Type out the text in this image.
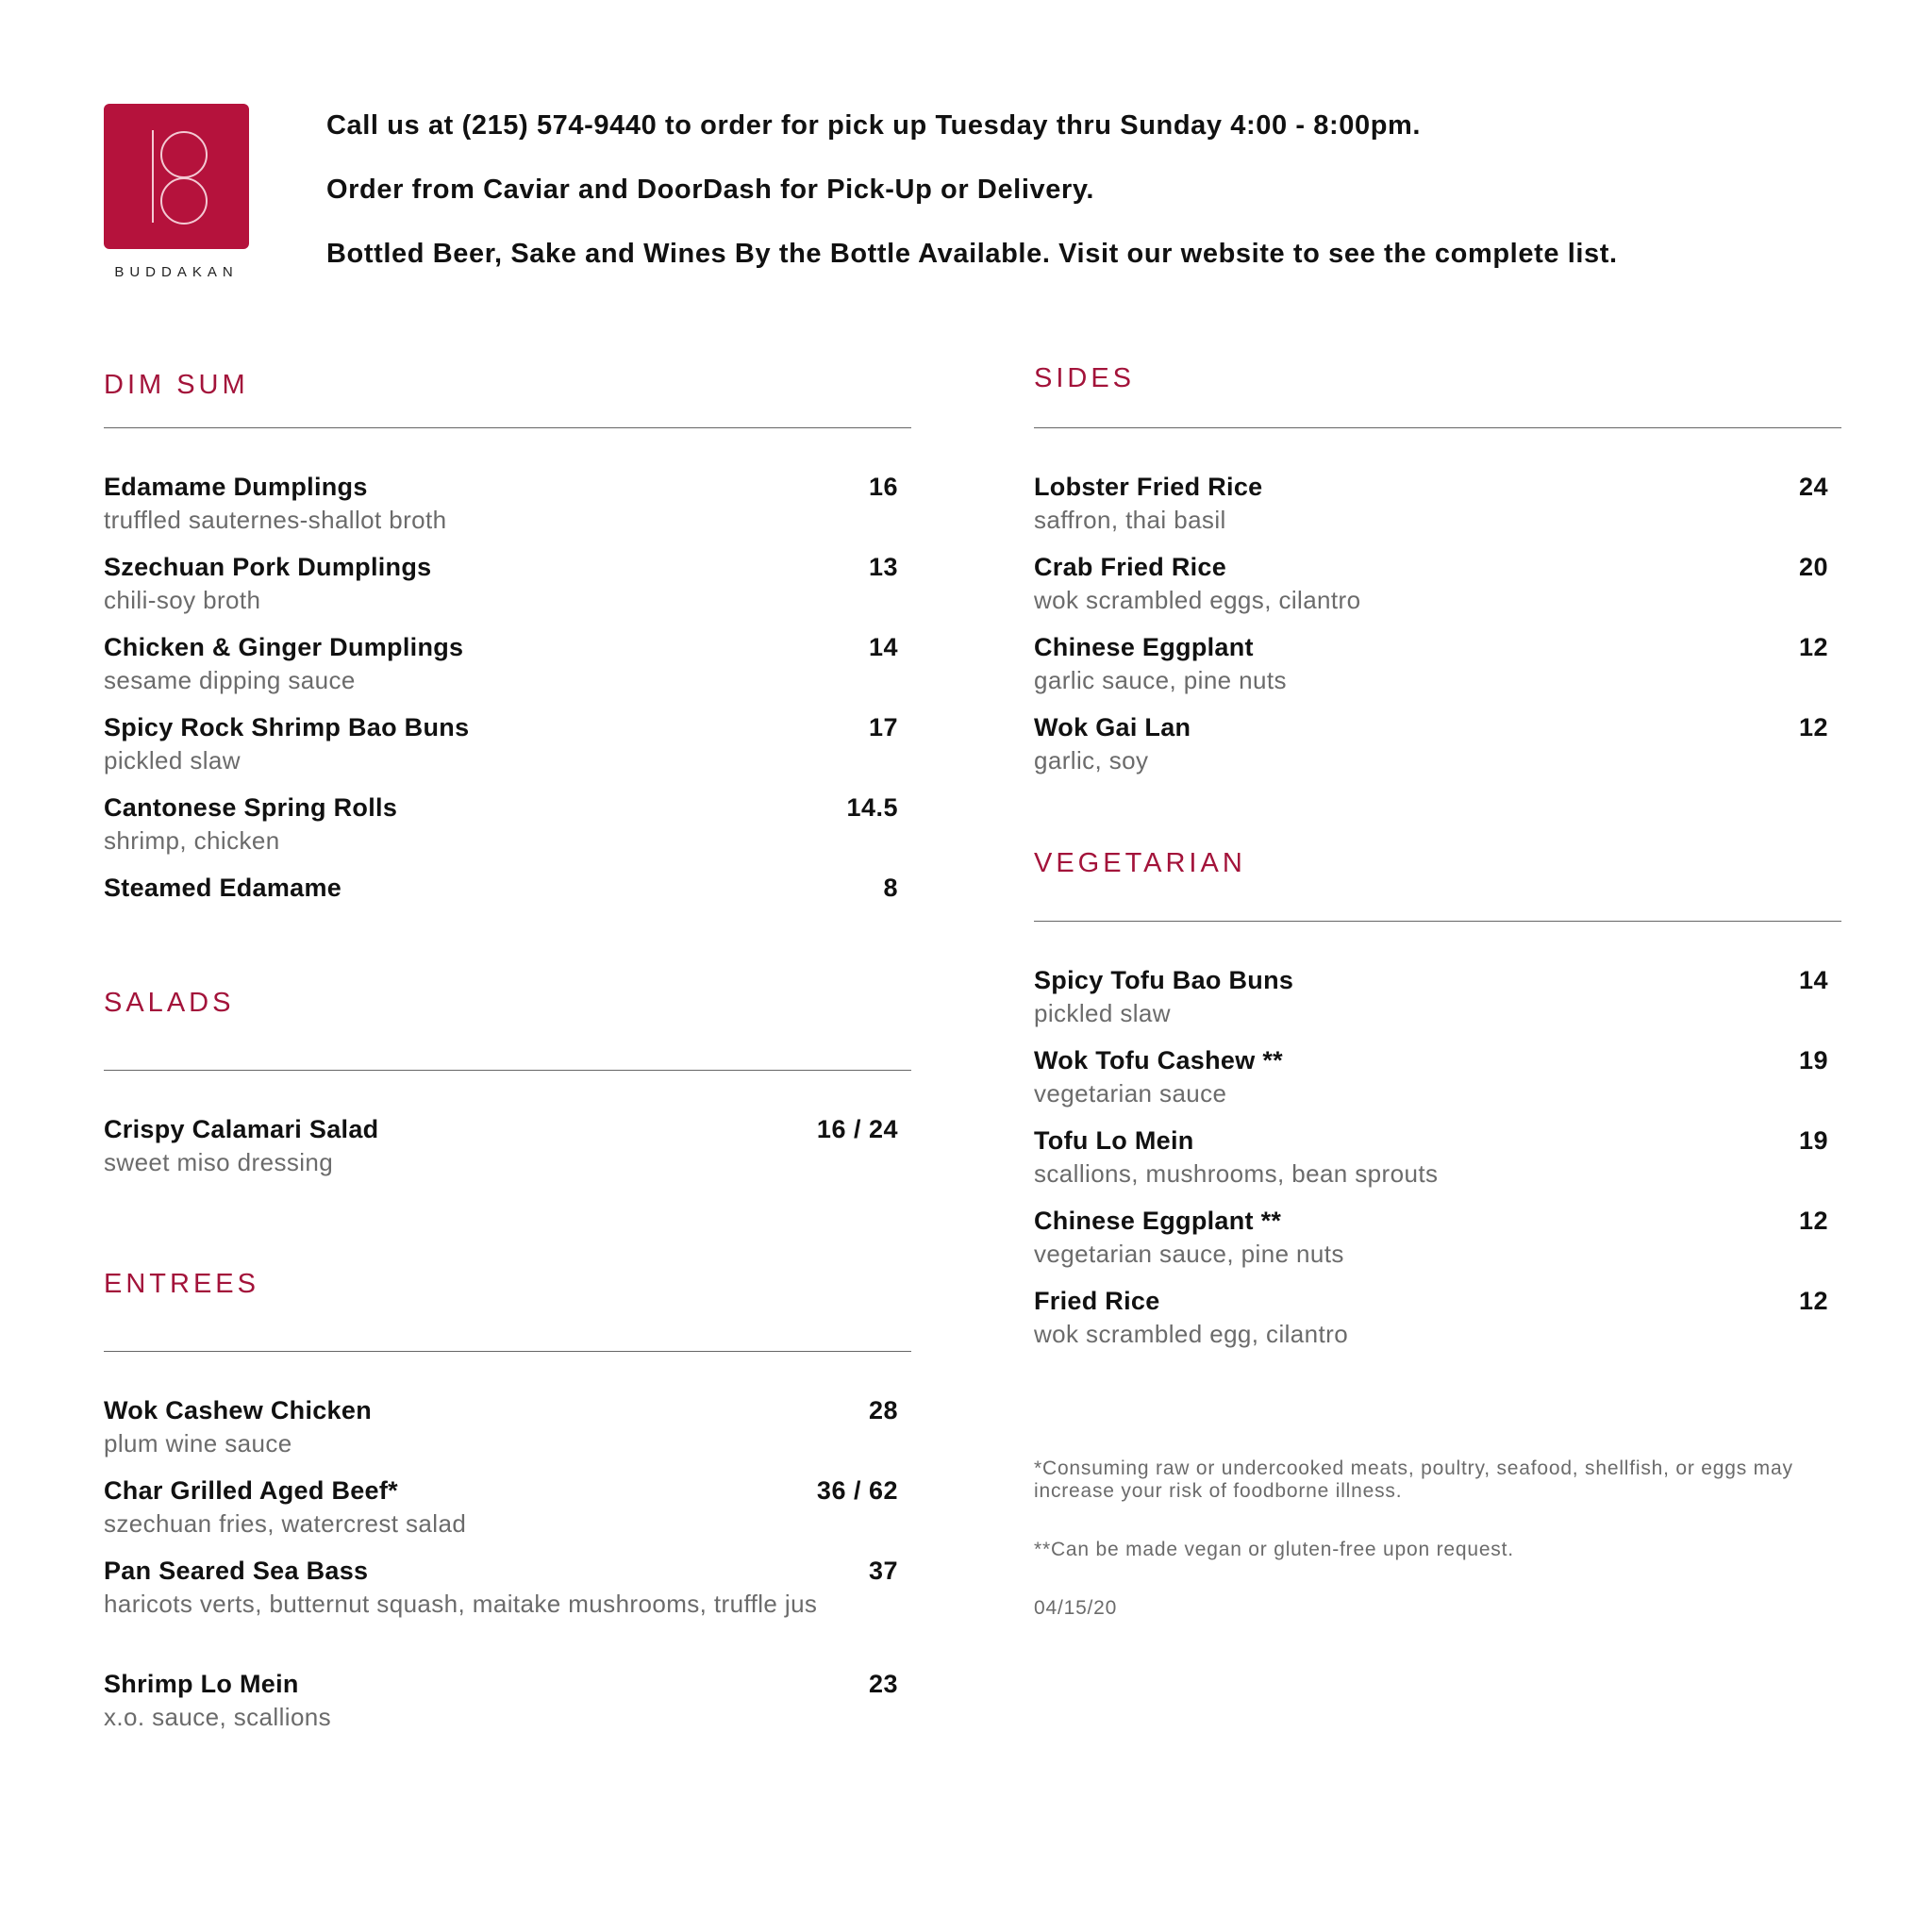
BUDDAKAN

Call us at (215) 574-9440 to order for pick up Tuesday thru Sunday 4:00 - 8:00pm.

Order from Caviar and DoorDash for Pick-Up or Delivery.

Bottled Beer, Sake and Wines By the Bottle Available. Visit our website to see the complete list.

DIM SUM
Edamame Dumplings	16
truffled sauternes-shallot broth
Szechuan Pork Dumplings	13
chili-soy broth
Chicken & Ginger Dumplings	14
sesame dipping sauce
Spicy Rock Shrimp Bao Buns	17
pickled slaw
Cantonese Spring Rolls	14.5
shrimp, chicken
Steamed Edamame	8
SALADS
Crispy Calamari Salad	16 / 24
sweet miso dressing
ENTREES
Wok Cashew Chicken	28
plum wine sauce
Char Grilled Aged Beef*	36 / 62
szechuan fries, watercrest salad
Pan Seared Sea Bass	37
haricots verts, butternut squash, maitake mushrooms, truffle jus
Shrimp Lo Mein	23
x.o. sauce, scallions
SIDES
Lobster Fried Rice	24
saffron, thai basil
Crab Fried Rice	20
wok scrambled eggs, cilantro
Chinese Eggplant	12
garlic sauce, pine nuts
Wok Gai Lan	12
garlic, soy
VEGETARIAN
Spicy Tofu Bao Buns	14
pickled slaw
Wok Tofu Cashew **	19
vegetarian sauce
Tofu Lo Mein	19
scallions, mushrooms, bean sprouts
Chinese Eggplant **	12
vegetarian sauce, pine nuts
Fried Rice	12
wok scrambled egg, cilantro

*Consuming raw or undercooked meats, poultry, seafood, shellfish, or eggs may increase your risk of foodborne illness.

**Can be made vegan or gluten-free upon request.

04/15/20
